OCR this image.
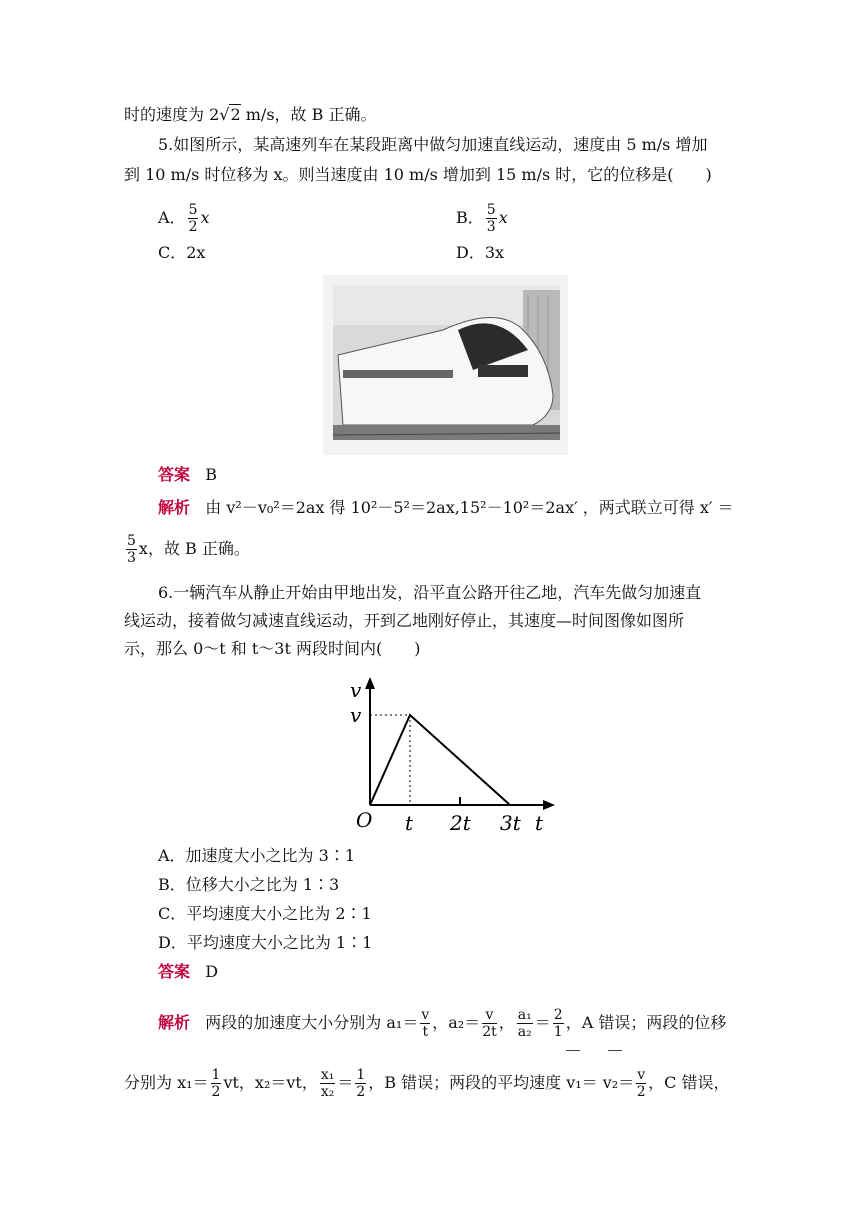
时的速度为 2√2 m/s，故 B 正确。
5.如图所示，某高速列车在某段距离中做匀加速直线运动，速度由 5 m/s 增加
到 10 m/s 时位移为 x。则当速度由 10 m/s 增加到 15 m/s 时，它的位移是(　　)
A． $\frac{5}{2}$ x	B． $\frac{5}{3}$ x
C．2x	D．3x
答案 B
解析 由 v²－v₀²＝2ax 得 10²－5²＝2ax,15²－10²＝2ax′ ，两式联立可得 x′ ＝
$\frac{5}{3}$ x，故 B 正确。
6.一辆汽车从静止开始由甲地出发，沿平直公路开往乙地，汽车先做匀加速直
线运动，接着做匀减速直线运动，开到乙地刚好停止，其速度—时间图像如图所
示，那么 0～t 和 t～3t 两段时间内(　　)
v
v
O t 2t 3t t
A．加速度大小之比为 3∶1
B．位移大小之比为 1∶3
C．平均速度大小之比为 2∶1
D．平均速度大小之比为 1∶1
答案 D
解析 两段的加速度大小分别为 $a_1= \frac{v}{t}$ ，$a_2= \frac{v}{2t}$ ， $\frac{\text{a₁}}{\text{a₂}} = \frac{2}{1}$ ，A 错误；两段的位移
分别为 $x_1= \frac{1}{2}$ vt，x₂＝vt， $\frac{\text{x₁}}{\text{x₂}} = \frac{1}{2}$ ，B 错误；两段的平均速度 $v_1= v_2= \frac{v}{2}$ ，C 错误，
